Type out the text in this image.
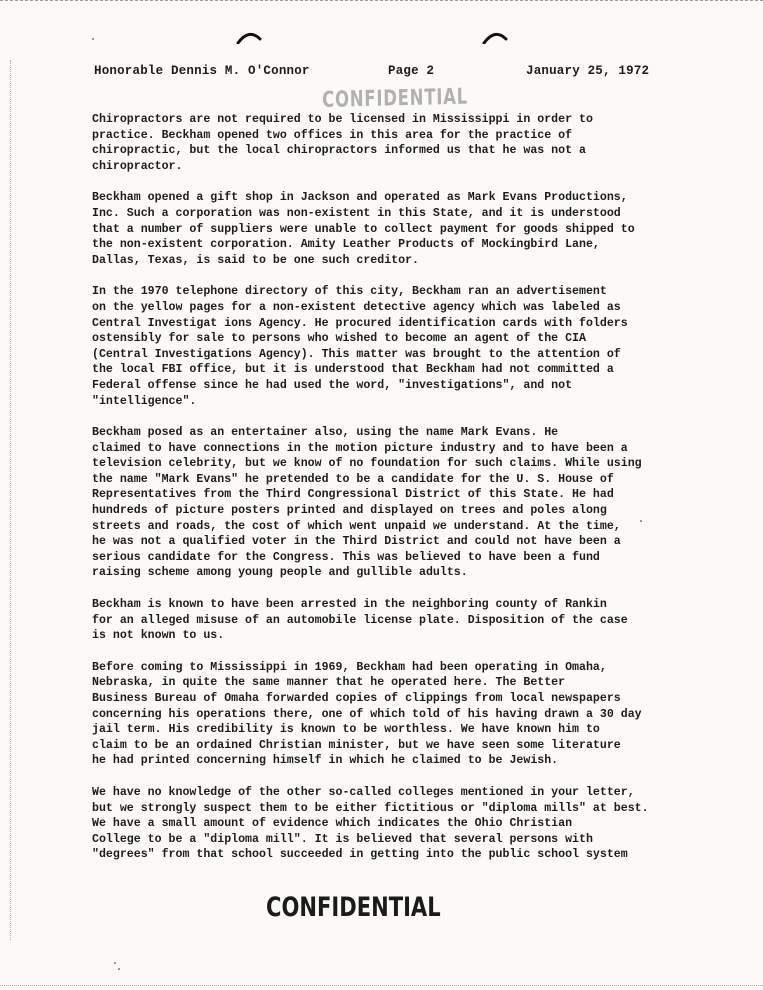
Honorable Dennis M. O'Connor	Page 2	January 25, 1972
CONFIDENTIAL
Chiropractors are not required to be licensed in Mississippi in order to
practice. Beckham opened two offices in this area for the practice of
chiropractic, but the local chiropractors informed us that he was not a
chiropractor.
Beckham opened a gift shop in Jackson and operated as Mark Evans Productions,
Inc. Such a corporation was non-existent in this State, and it is understood
that a number of suppliers were unable to collect payment for goods shipped to
the non-existent corporation. Amity Leather Products of Mockingbird Lane,
Dallas, Texas, is said to be one such creditor.
In the 1970 telephone directory of this city, Beckham ran an advertisement
on the yellow pages for a non-existent detective agency which was labeled as
Central Investigat ions Agency. He procured identification cards with folders
ostensibly for sale to persons who wished to become an agent of the CIA
(Central Investigations Agency). This matter was brought to the attention of
the local FBI office, but it is understood that Beckham had not committed a
Federal offense since he had used the word, "investigations", and not
"intelligence".
Beckham posed as an entertainer also, using the name Mark Evans. He
claimed to have connections in the motion picture industry and to have been a
television celebrity, but we know of no foundation for such claims. While using
the name "Mark Evans" he pretended to be a candidate for the U. S. House of
Representatives from the Third Congressional District of this State. He had
hundreds of picture posters printed and displayed on trees and poles along
streets and roads, the cost of which went unpaid we understand. At the time,
he was not a qualified voter in the Third District and could not have been a
serious candidate for the Congress. This was believed to have been a fund
raising scheme among young people and gullible adults.
Beckham is known to have been arrested in the neighboring county of Rankin
for an alleged misuse of an automobile license plate. Disposition of the case
is not known to us.
Before coming to Mississippi in 1969, Beckham had been operating in Omaha,
Nebraska, in quite the same manner that he operated here. The Better
Business Bureau of Omaha forwarded copies of clippings from local newspapers
concerning his operations there, one of which told of his having drawn a 30 day
jail term. His credibility is known to be worthless. We have known him to
claim to be an ordained Christian minister, but we have seen some literature
he had printed concerning himself in which he claimed to be Jewish.
We have no knowledge of the other so-called colleges mentioned in your letter,
but we strongly suspect them to be either fictitious or "diploma mills" at best.
We have a small amount of evidence which indicates the Ohio Christian
College to be a "diploma mill". It is believed that several persons with
"degrees" from that school succeeded in getting into the public school system
CONFIDENTIAL
